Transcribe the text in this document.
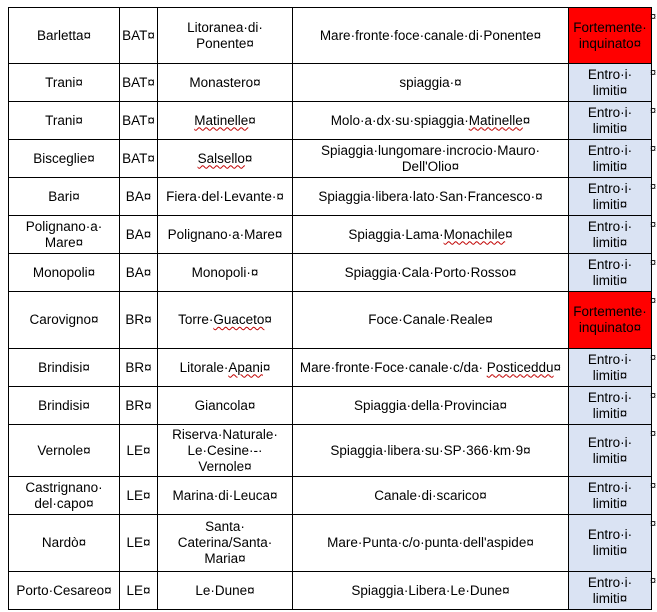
Barletta¤	BAT¤	Litoranea·di· Ponente¤	Mare·fronte·foce·canale·di·Ponente¤	Fortemente· inquinato¤
Trani¤	BAT¤	Monastero¤	spiaggia·¤	Entro·i· limiti¤
Trani¤	BAT¤	Matinelle¤	Molo·a·dx·su·spiaggia·Matinelle¤	Entro·i· limiti¤
Bisceglie¤	BAT¤	Salsello¤	Spiaggia·lungomare·incrocio·Mauro· Dell'Olio¤	Entro·i· limiti¤
Bari¤	BA¤	Fiera·del·Levante·¤	Spiaggia·libera·lato·San·Francesco·¤	Entro·i· limiti¤
Polignano·a· Mare¤	BA¤	Polignano·a·Mare¤	Spiaggia·Lama·Monachile¤	Entro·i· limiti¤
Monopoli¤	BA¤	Monopoli·¤	Spiaggia·Cala·Porto·Rosso¤	Entro·i· limiti¤
Carovigno¤	BR¤	Torre·Guaceto¤	Foce·Canale·Reale¤	Fortemente· inquinato¤
Brindisi¤	BR¤	Litorale·Apani¤	Mare·fronte·Foce·canale·c/da· Posticeddu¤	Entro·i· limiti¤
Brindisi¤	BR¤	Giancola¤	Spiaggia·della·Provincia¤	Entro·i· limiti¤
Vernole¤	LE¤	Riserva·Naturale· Le·Cesine·-· Vernole¤	Spiaggia·libera·su·SP·366·km·9¤	Entro·i· limiti¤
Castrignano· del·capo¤	LE¤	Marina·di·Leuca¤	Canale·di·scarico¤	Entro·i· limiti¤
Nardò¤	LE¤	Santa· Caterina/Santa· Maria¤	Mare·Punta·c/o·punta·dell'aspide¤	Entro·i· limiti¤
Porto·Cesareo¤	LE¤	Le·Dune¤	Spiaggia·Libera·Le·Dune¤	Entro·i· limiti¤
¤
¤
¤
¤
¤
¤
¤
¤
¤
¤
¤
¤
¤
¤
